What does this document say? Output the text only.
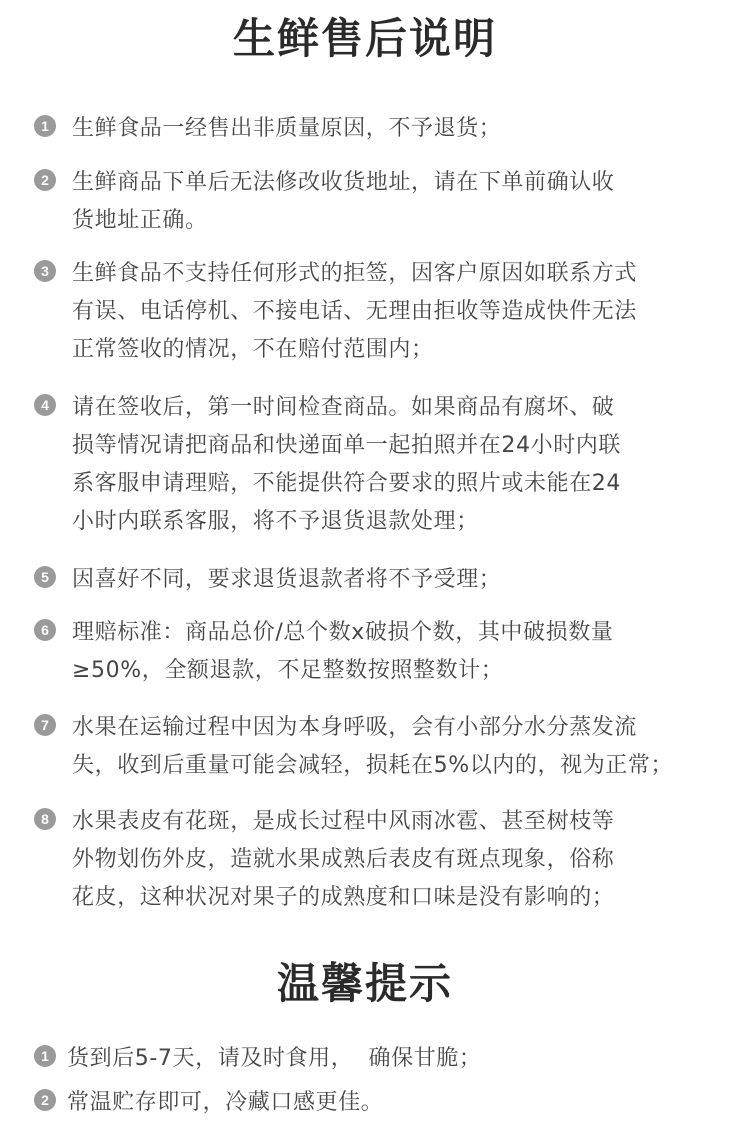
生鲜售后说明
1	生鲜食品一经售出非质量原因，不予退货；
2	生鲜商品下单后无法修改收货地址，请在下单前确认收
货地址正确。
3	生鲜食品不支持任何形式的拒签，因客户原因如联系方式
有误、电话停机、不接电话、无理由拒收等造成快件无法
正常签收的情况，不在赔付范围内；
4	请在签收后，第一时间检查商品。如果商品有腐坏、破
损等情况请把商品和快递面单一起拍照并在24小时内联
系客服申请理赔，不能提供符合要求的照片或未能在24
小时内联系客服，将不予退货退款处理；
5	因喜好不同，要求退货退款者将不予受理；
6	理赔标准：商品总价/总个数x破损个数，其中破损数量
≥50%，全额退款，不足整数按照整数计；
7	水果在运输过程中因为本身呼吸，会有小部分水分蒸发流
失，收到后重量可能会减轻，损耗在5%以内的，视为正常；
8	水果表皮有花斑，是成长过程中风雨冰雹、甚至树枝等
外物划伤外皮，造就水果成熟后表皮有斑点现象，俗称
花皮，这种状况对果子的成熟度和口味是没有影响的；
温馨提示
1 货到后5-7天，请及时食用，  确保甘脆；
2 常温贮存即可，冷藏口感更佳。
